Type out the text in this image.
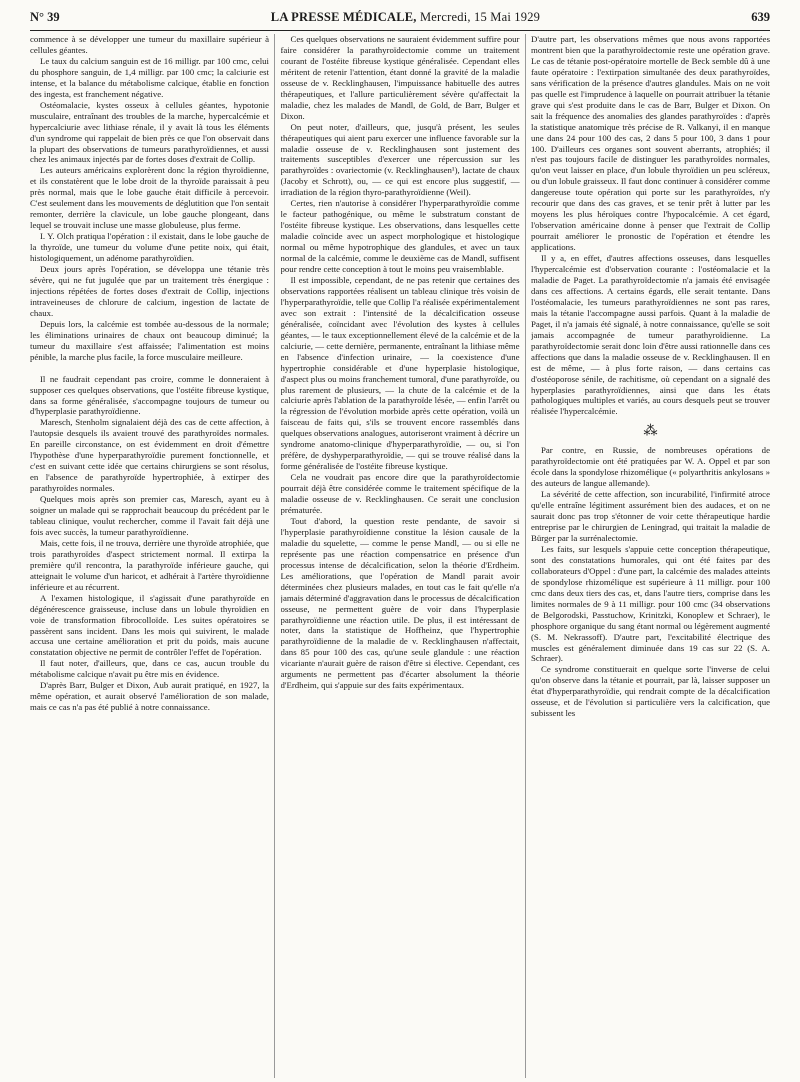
N° 39	LA PRESSE MÉDICALE, Mercredi, 15 Mai 1929	639

commence à se développer une tumeur du maxillaire supérieur à cellules géantes.

Le taux du calcium sanguin est de 16 milligr. par 100 cmc, celui du phosphore sanguin, de 1,4 milligr. par 100 cmc; la calciurie est intense, et la balance du métabolisme calcique, établie en fonction des ingesta, est franchement négative.

Ostéomalacie, kystes osseux à cellules géantes, hypotonie musculaire, entraînant des troubles de la marche, hypercalcémie et hypercalciurie avec lithiase rénale, il y avait là tous les éléments d'un syndrome qui rappelait de bien près ce que l'on observait dans la plupart des observations de tumeurs parathyroïdiennes, et aussi chez les animaux injectés par de fortes doses d'extrait de Collip.

Les auteurs américains explorèrent donc la région thyroïdienne, et ils constatèrent que le lobe droit de la thyroïde paraissait à peu près normal, mais que le lobe gauche était difficile à percevoir. C'est seulement dans les mouvements de déglutition que l'on sentait remonter, derrière la clavicule, un lobe gauche plongeant, dans lequel se trouvait incluse une masse globuleuse, plus ferme.

I. Y. Olch pratiqua l'opération : il existait, dans le lobe gauche de la thyroïde, une tumeur du volume d'une petite noix, qui était, histologiquement, un adénome parathyroïdien.

Deux jours après l'opération, se développa une tétanie très sévère, qui ne fut jugulée que par un traitement très énergique : injections répétées de fortes doses d'extrait de Collip, injections intraveineuses de chlorure de calcium, ingestion de lactate de chaux.

Depuis lors, la calcémie est tombée au-dessous de la normale; les éliminations urinaires de chaux ont beaucoup diminué; la tumeur du maxillaire s'est affaissée; l'alimentation est moins pénible, la marche plus facile, la force musculaire meilleure.

Il ne faudrait cependant pas croire, comme le donneraient à supposer ces quelques observations, que l'ostéite fibreuse kystique, dans sa forme généralisée, s'accompagne toujours de tumeur ou d'hyperplasie parathyroïdienne.

Maresch, Stenholm signalaient déjà des cas de cette affection, à l'autopsie desquels ils avaient trouvé des parathyroïdes normales. En pareille circonstance, on est évidemment en droit d'émettre l'hypothèse d'une hyperparathyroïdie purement fonctionnelle, et c'est en suivant cette idée que certains chirurgiens se sont résolus, en l'absence de parathyroïde hypertrophiée, à extirper des parathyroïdes normales.

Quelques mois après son premier cas, Maresch, ayant eu à soigner un malade qui se rapprochait beaucoup du précédent par le tableau clinique, voulut rechercher, comme il l'avait fait déjà une fois avec succès, la tumeur parathyroïdienne.

Mais, cette fois, il ne trouva, derrière une thyroïde atrophiée, que trois parathyroïdes d'aspect strictement normal. Il extirpa la première qu'il rencontra, la parathyroïde inférieure gauche, qui atteignait le volume d'un haricot, et adhérait à l'artère thyroïdienne inférieure et au récurrent.

A l'examen histologique, il s'agissait d'une parathyroïde en dégénérescence graisseuse, incluse dans un lobule thyroïdien en voie de transformation fibrocolloïde. Les suites opératoires se passèrent sans incident. Dans les mois qui suivirent, le malade accusa une certaine amélioration et prit du poids, mais aucune constatation objective ne permit de contrôler l'effet de l'opération.

Il faut noter, d'ailleurs, que, dans ce cas, aucun trouble du métabolisme calcique n'avait pu être mis en évidence.

D'après Barr, Bulger et Dixon, Aub aurait pratiqué, en 1927, la même opération, et aurait observé l'amélioration de son malade, mais ce cas n'a pas été publié à notre connaissance.

Ces quelques observations ne sauraient évidemment suffire pour faire considérer la parathyroïdectomie comme un traitement courant de l'ostéite fibreuse kystique généralisée. Cependant elles méritent de retenir l'attention, étant donné la gravité de la maladie osseuse de v. Recklinghausen, l'impuissance habituelle des autres thérapeutiques, et l'allure particulièrement sévère qu'affectait la maladie, chez les malades de Mandl, de Gold, de Barr, Bulger et Dixon.

On peut noter, d'ailleurs, que, jusqu'à présent, les seules thérapeutiques qui aient paru exercer une influence favorable sur la maladie osseuse de v. Recklinghausen sont justement des traitements susceptibles d'exercer une répercussion sur les parathyroïdes : ovariectomie (v. Recklinghausen¹), lactate de chaux (Jacoby et Schrott), ou, — ce qui est encore plus suggestif, — irradiation de la région thyro-parathyroïdienne (Weil).

Certes, rien n'autorise à considérer l'hyperparathyroïdie comme le facteur pathogénique, ou même le substratum constant de l'ostéite fibreuse kystique. Les observations, dans lesquelles cette maladie coïncide avec un aspect morphologique et histologique normal ou même hypotrophique des glandules, et avec un taux normal de la calcémie, comme le deuxième cas de Mandl, suffisent pour rendre cette conception à tout le moins peu vraisemblable.

Il est impossible, cependant, de ne pas retenir que certaines des observations rapportées réalisent un tableau clinique très voisin de l'hyperparathyroïdie, telle que Collip l'a réalisée expérimentalement avec son extrait : l'intensité de la décalcification osseuse généralisée, coïncidant avec l'évolution des kystes à cellules géantes, — le taux exceptionnellement élevé de la calcémie et de la calciurie, — cette dernière, permanente, entraînant la lithiase même en l'absence d'infection urinaire, — la coexistence d'une hypertrophie considérable et d'une hyperplasie histologique, d'aspect plus ou moins franchement tumoral, d'une parathyroïde, ou plus rarement de plusieurs, — la chute de la calcémie et de la calciurie après l'ablation de la parathyroïde lésée, — enfin l'arrêt ou la régression de l'évolution morbide après cette opération, voilà un faisceau de faits qui, s'ils se trouvent encore rassemblés dans quelques observations analogues, autoriseront vraiment à décrire un syndrome anatomo-clinique d'hyperparathyroïdie, — ou, si l'on préfère, de dyshyperparathyroïdie, — qui se trouve réalisé dans la forme généralisée de l'ostéite fibreuse kystique.

Cela ne voudrait pas encore dire que la parathyroïdectomie pourrait déjà être considérée comme le traitement spécifique de la maladie osseuse de v. Recklinghausen. Ce serait une conclusion prématurée.

Tout d'abord, la question reste pendante, de savoir si l'hyperplasie parathyroïdienne constitue la lésion causale de la maladie du squelette, — comme le pense Mandl, — ou si elle ne représente pas une réaction compensatrice en présence d'un processus intense de décalcification, selon la théorie d'Erdheim. Les améliorations, que l'opération de Mandl parait avoir déterminées chez plusieurs malades, en tout cas le fait qu'elle n'a jamais déterminé d'aggravation dans le processus de décalcification osseuse, ne permettent guère de voir dans l'hyperplasie parathyroïdienne une réaction utile. De plus, il est intéressant de noter, dans la statistique de Hoffheinz, que l'hypertrophie parathyroïdienne de la maladie de v. Recklinghausen n'affectait, dans 85 pour 100 des cas, qu'une seule glandule : une réaction vicariante n'aurait guère de raison d'être si élective. Cependant, ces arguments ne permettent pas d'écarter absolument la théorie d'Erdheim, qui s'appuie sur des faits expérimentaux.

D'autre part, les observations mêmes que nous avons rapportées montrent bien que la parathyroïdectomie reste une opération grave. Le cas de tétanie post-opératoire mortelle de Beck semble dû à une faute opératoire : l'extirpation simultanée des deux parathyroïdes, sans vérification de la présence d'autres glandules. Mais on ne voit pas quelle est l'imprudence à laquelle on pourrait attribuer la tétanie grave qui s'est produite dans le cas de Barr, Bulger et Dixon. On sait la fréquence des anomalies des glandes parathyroïdes : d'après la statistique anatomique très précise de R. Valkanyi, il en manque une dans 24 pour 100 des cas, 2 dans 5 pour 100, 3 dans 1 pour 100. D'ailleurs ces organes sont souvent aberrants, atrophiés; il n'est pas toujours facile de distinguer les parathyroïdes normales, qu'on veut laisser en place, d'un lobule thyroïdien un peu scléreux, ou d'un lobule graisseux. Il faut donc continuer à considérer comme dangereuse toute opération qui porte sur les parathyroïdes, n'y recourir que dans des cas graves, et se tenir prêt à lutter par les moyens les plus héroïques contre l'hypocalcémie. A cet égard, l'observation américaine donne à penser que l'extrait de Collip pourrait améliorer le pronostic de l'opération et étendre les applications.

Il y a, en effet, d'autres affections osseuses, dans lesquelles l'hypercalcémie est d'observation courante : l'ostéomalacie et la maladie de Paget. La parathyroïdectomie n'a jamais été envisagée dans ces affections. A certains égards, elle serait tentante. Dans l'ostéomalacie, les tumeurs parathyroïdiennes ne sont pas rares, mais la tétanie l'accompagne aussi parfois. Quant à la maladie de Paget, il n'a jamais été signalé, à notre connaissance, qu'elle se soit jamais accompagnée de tumeur parathyroïdienne. La parathyroïdectomie serait donc loin d'être aussi rationnelle dans ces affections que dans la maladie osseuse de v. Recklinghausen. Il en est de même, — à plus forte raison, — dans certains cas d'ostéoporose sénile, de rachitisme, où cependant on a signalé des hyperplasies parathyroïdiennes, ainsi que dans les états pathologiques multiples et variés, au cours desquels peut se trouver réalisée l'hypercalcémie.

⁂

Par contre, en Russie, de nombreuses opérations de parathyroïdectomie ont été pratiquées par W. A. Oppel et par son école dans la spondylose rhizomélique (« polyarthritis ankylosans » des auteurs de langue allemande).

La sévérité de cette affection, son incurabilité, l'infirmité atroce qu'elle entraîne légitiment assurément bien des audaces, et on ne saurait donc pas trop s'étonner de voir cette thérapeutique hardie entreprise par le chirurgien de Leningrad, qui traitait la maladie de Bürger par la surrénalectomie.

Les faits, sur lesquels s'appuie cette conception thérapeutique, sont des constatations humorales, qui ont été faites par des collaborateurs d'Oppel : d'une part, la calcémie des malades atteints de spondylose rhizomélique est supérieure à 11 milligr. pour 100 cmc dans deux tiers des cas, et, dans l'autre tiers, comprise dans les limites normales de 9 à 11 milligr. pour 100 cmc (34 observations de Belgorodski, Passtuchow, Krinitzki, Konoplew et Schraer), le phosphore organique du sang étant normal ou légèrement augmenté (S. M. Nekrassoff). D'autre part, l'excitabilité électrique des muscles est généralement diminuée dans 19 cas sur 22 (S. A. Schraer).

Ce syndrome constituerait en quelque sorte l'inverse de celui qu'on observe dans la tétanie et pourrait, par là, laisser supposer un état d'hyperparathyroïdie, qui rendrait compte de la décalcification osseuse, et de l'évolution si particulière vers la calcification, que subissent les
